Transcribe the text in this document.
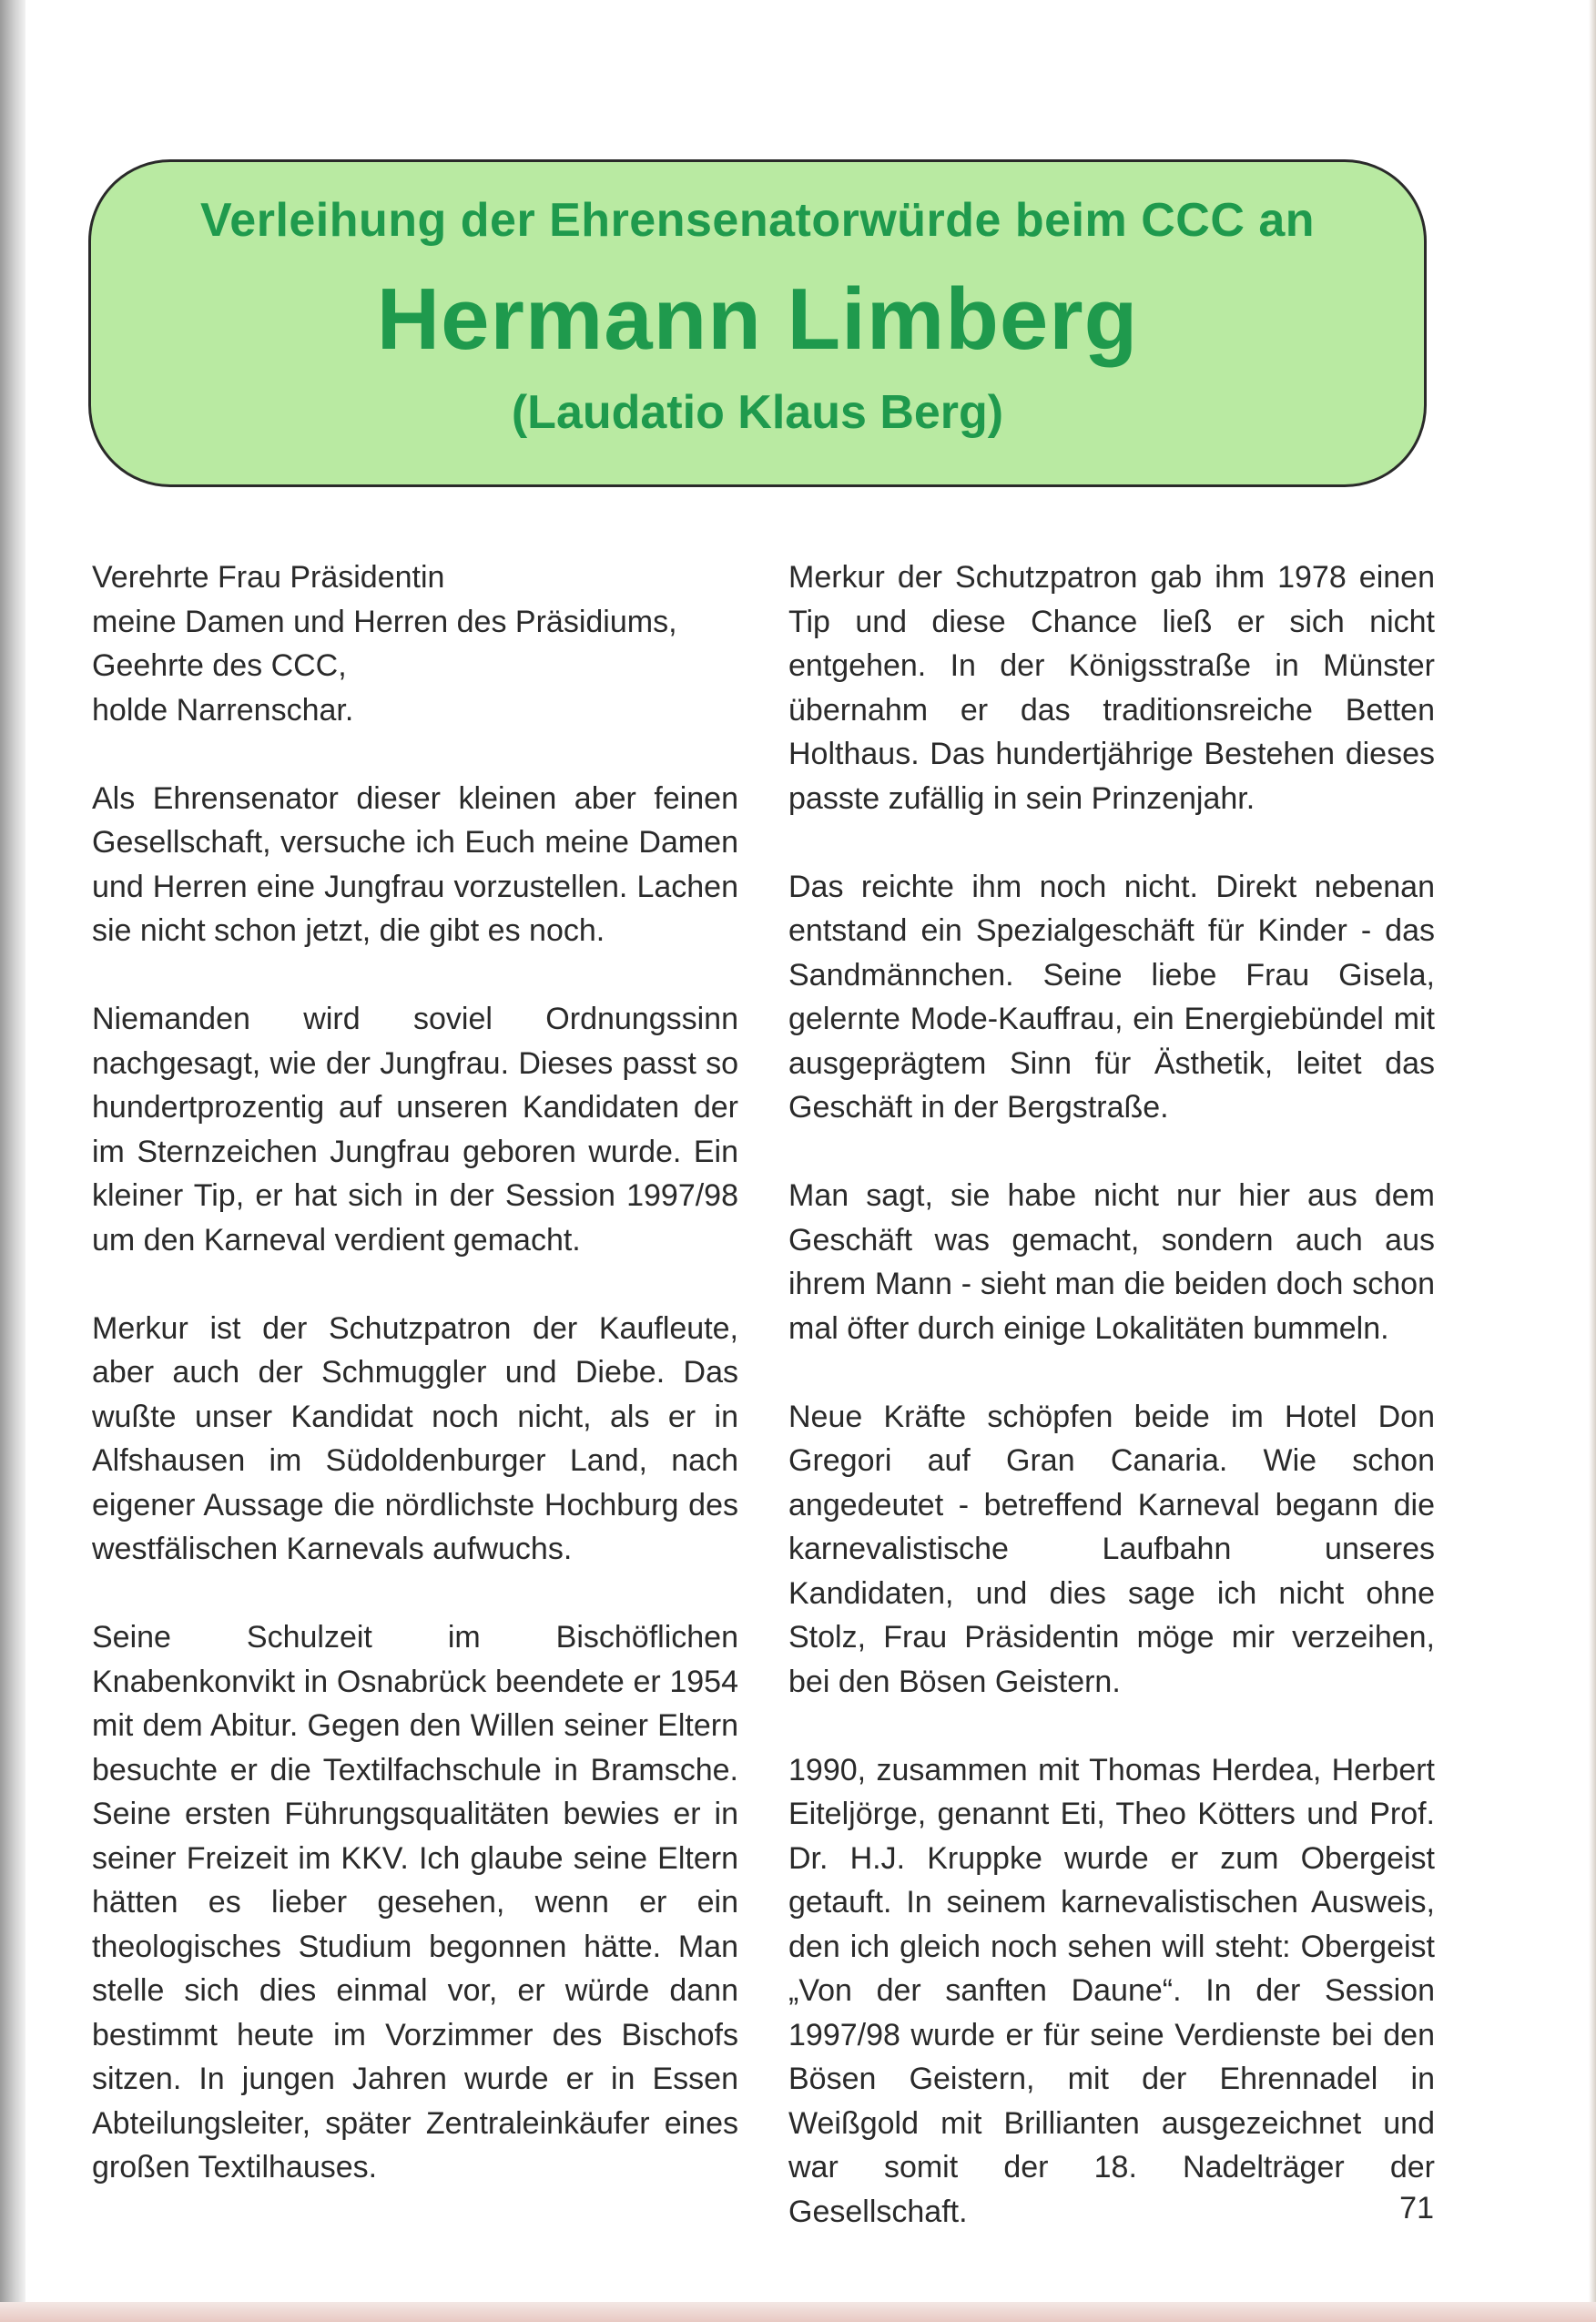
Verleihung der Ehrensenatorwürde beim CCC an
Hermann Limberg
(Laudatio Klaus Berg)

Verehrte Frau Präsidentin
meine Damen und Herren des Präsidiums,
Geehrte des CCC,
holde Narrenschar.

Als Ehrensenator dieser kleinen aber feinen Gesellschaft, versuche ich Euch meine Damen und Herren eine Jungfrau vorzustellen. Lachen sie nicht schon jetzt, die gibt es noch.

Niemanden wird soviel Ordnungssinn nachgesagt, wie der Jungfrau. Dieses passt so hundertprozentig auf unseren Kandidaten der im Sternzeichen Jungfrau geboren wurde. Ein kleiner Tip, er hat sich in der Session 1997/98 um den Karneval verdient gemacht.

Merkur ist der Schutzpatron der Kaufleute, aber auch der Schmuggler und Diebe. Das wußte unser Kandidat noch nicht, als er in Alfshausen im Südoldenburger Land, nach eigener Aussage die nördlichste Hochburg des westfälischen Karnevals aufwuchs.

Seine Schulzeit im Bischöflichen Knabenkonvikt in Osnabrück beendete er 1954 mit dem Abitur. Gegen den Willen seiner Eltern besuchte er die Textilfachschule in Bramsche. Seine ersten Führungsqualitäten bewies er in seiner Freizeit im KKV. Ich glaube seine Eltern hätten es lieber gesehen, wenn er ein theologisches Studium begonnen hätte. Man stelle sich dies einmal vor, er würde dann bestimmt heute im Vorzimmer des Bischofs sitzen. In jungen Jahren wurde er in Essen Abteilungsleiter, später Zentraleinkäufer eines großen Textilhauses.

Merkur der Schutzpatron gab ihm 1978 einen Tip und diese Chance ließ er sich nicht entgehen. In der Königsstraße in Münster übernahm er das traditionsreiche Betten Holthaus. Das hundertjährige Bestehen dieses passte zufällig in sein Prinzenjahr.

Das reichte ihm noch nicht. Direkt nebenan entstand ein Spezialgeschäft für Kinder - das Sandmännchen. Seine liebe Frau Gisela, gelernte Mode-Kauffrau, ein Energiebündel mit ausgeprägtem Sinn für Ästhetik, leitet das Geschäft in der Bergstraße.

Man sagt, sie habe nicht nur hier aus dem Geschäft was gemacht, sondern auch aus ihrem Mann - sieht man die beiden doch schon mal öfter durch einige Lokalitäten bummeln.

Neue Kräfte schöpfen beide im Hotel Don Gregori auf Gran Canaria. Wie schon angedeutet - betreffend Karneval begann die karnevalistische Laufbahn unseres Kandidaten, und dies sage ich nicht ohne Stolz, Frau Präsidentin möge mir verzeihen, bei den Bösen Geistern.

1990, zusammen mit Thomas Herdea, Herbert Eiteljörge, genannt Eti, Theo Kötters und Prof. Dr. H.J. Kruppke wurde er zum Obergeist getauft. In seinem karnevalistischen Ausweis, den ich gleich noch sehen will steht: Obergeist „Von der sanften Daune“. In der Session 1997/98 wurde er für seine Verdienste bei den Bösen Geistern, mit der Ehrennadel in Weißgold mit Brillianten ausgezeichnet und war somit der 18. Nadelträger der Gesellschaft.	71
